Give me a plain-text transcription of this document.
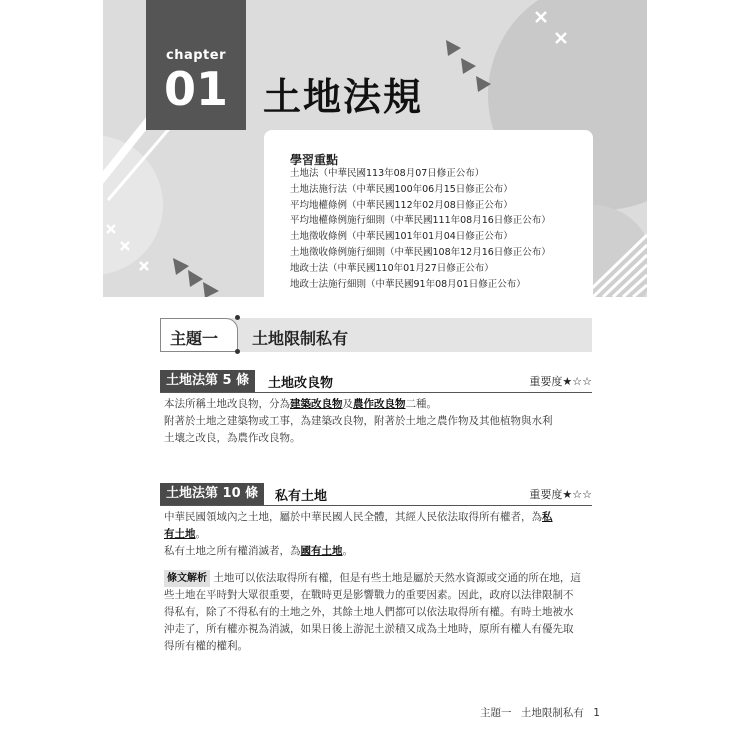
chapter
01 土地法規
學習重點
土地法（中華民國113年08月07日修正公布）
土地法施行法（中華民國100年06月15日修正公布）
平均地權條例（中華民國112年02月08日修正公布）
平均地權條例施行細則（中華民國111年08月16日修正公布）
土地徵收條例（中華民國101年01月04日修正公布）
土地徵收條例施行細則（中華民國108年12月16日修正公布）
地政士法（中華民國110年01月27日修正公布）
地政士法施行細則（中華民國91年08月01日修正公布）
主題一 土地限制私有
土地法第 5 條	土地改良物	重要度★☆☆

本法所稱土地改良物，分為建築改良物及農作改良物二種。

附著於土地之建築物或工事，為建築改良物，附著於土地之農作物及其他植物與水利
土壤之改良，為農作改良物。

土地法第 10 條	私有土地	重要度★☆☆

中華民國領域內之土地，屬於中華民國人民全體，其經人民依法取得所有權者，為私
有土地。

私有土地之所有權消滅者，為國有土地。

條文解析 土地可以依法取得所有權，但是有些土地是屬於天然水資源或交通的所在地，這
些土地在平時對大眾很重要，在戰時更是影響戰力的重要因素。因此，政府以法律限制不
得私有，除了不得私有的土地之外，其餘土地人們都可以依法取得所有權。有時土地被水
沖走了，所有權亦視為消滅，如果日後上游泥土淤積又成為土地時，原所有權人有優先取
得所有權的權利。

主題一 土地限制私有 1
